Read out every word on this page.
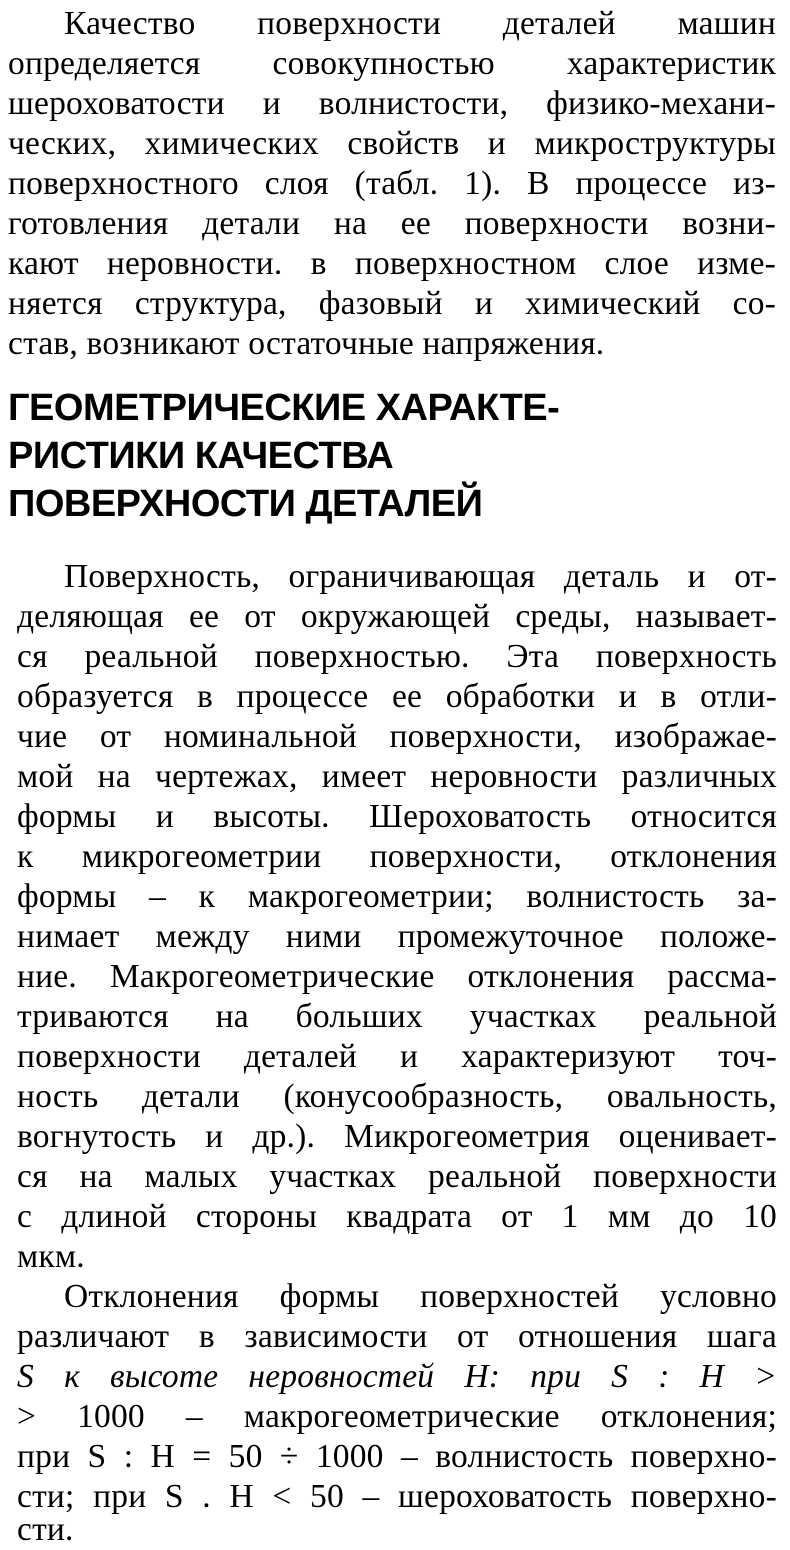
Качество поверхности деталей машин
определяется совокупностью характеристик
шероховатости и волнистости, физико-механи-
ческих, химических свойств и микроструктуры
поверхностного слоя (табл. 1). В процессе из-
готовления детали на ее поверхности возни-
кают неровности. в поверхностном слое изме-
няется структура, фазовый и химический со-
став, возникают остаточные напряжения.
ГЕОМЕТРИЧЕСКИЕ ХАРАКТЕ-
РИСТИКИ КАЧЕСТВА
ПОВЕРХНОСТИ ДЕТАЛЕЙ
Поверхность, ограничивающая деталь и от-
деляющая ее от окружающей среды, называет-
ся реальной поверхностью. Эта поверхность
образуется в процессе ее обработки и в отли-
чие от номинальной поверхности, изображае-
мой на чертежах, имеет неровности различных
формы и высоты. Шероховатость относится
к микрогеометрии поверхности, отклонения
формы – к макрогеометрии; волнистость за-
нимает между ними промежуточное положе-
ние. Макрогеометрические отклонения рассма-
триваются на больших участках реальной
поверхности деталей и характеризуют точ-
ность детали (конусообразность, овальность,
вогнутость и др.). Микрогеометрия оценивает-
ся на малых участках реальной поверхности
с длиной стороны квадрата от 1 мм до 10
мкм.
Отклонения формы поверхностей условно
различают в зависимости от отношения шага
S к высоте неровностей H: при S : H >
> 1000 – макрогеометрические отклонения;
при S : H = 50 ÷ 1000 – волнистость поверхно-
сти; при S . H < 50 – шероховатость поверхно-
сти.
